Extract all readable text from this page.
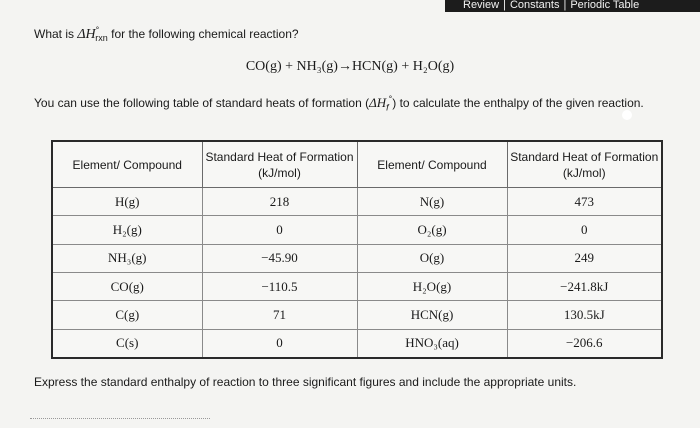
Review | Constants | Periodic Table
What is $\Delta H^\circ_{rxn}$ for the following chemical reaction?
CO(g) + NH₃(g)→HCN(g) + H₂O(g)
You can use the following table of standard heats of formation $(\Delta H_f^\circ)$ to calculate the enthalpy of the given reaction.
Element/ Compound	Standard Heat of Formation (kJ/mol)	Element/ Compound	Standard Heat of Formation (kJ/mol)
H(g)	218	N(g)	473
H₂(g)	0	O₂(g)	0
NH₃(g)	−45.90	O(g)	249
CO(g)	−110.5	H₂O(g)	−241.8kJ
C(g)	71	HCN(g)	130.5kJ
C(s)	0	HNO₃(aq)	−206.6
Express the standard enthalpy of reaction to three significant figures and include the appropriate units.
